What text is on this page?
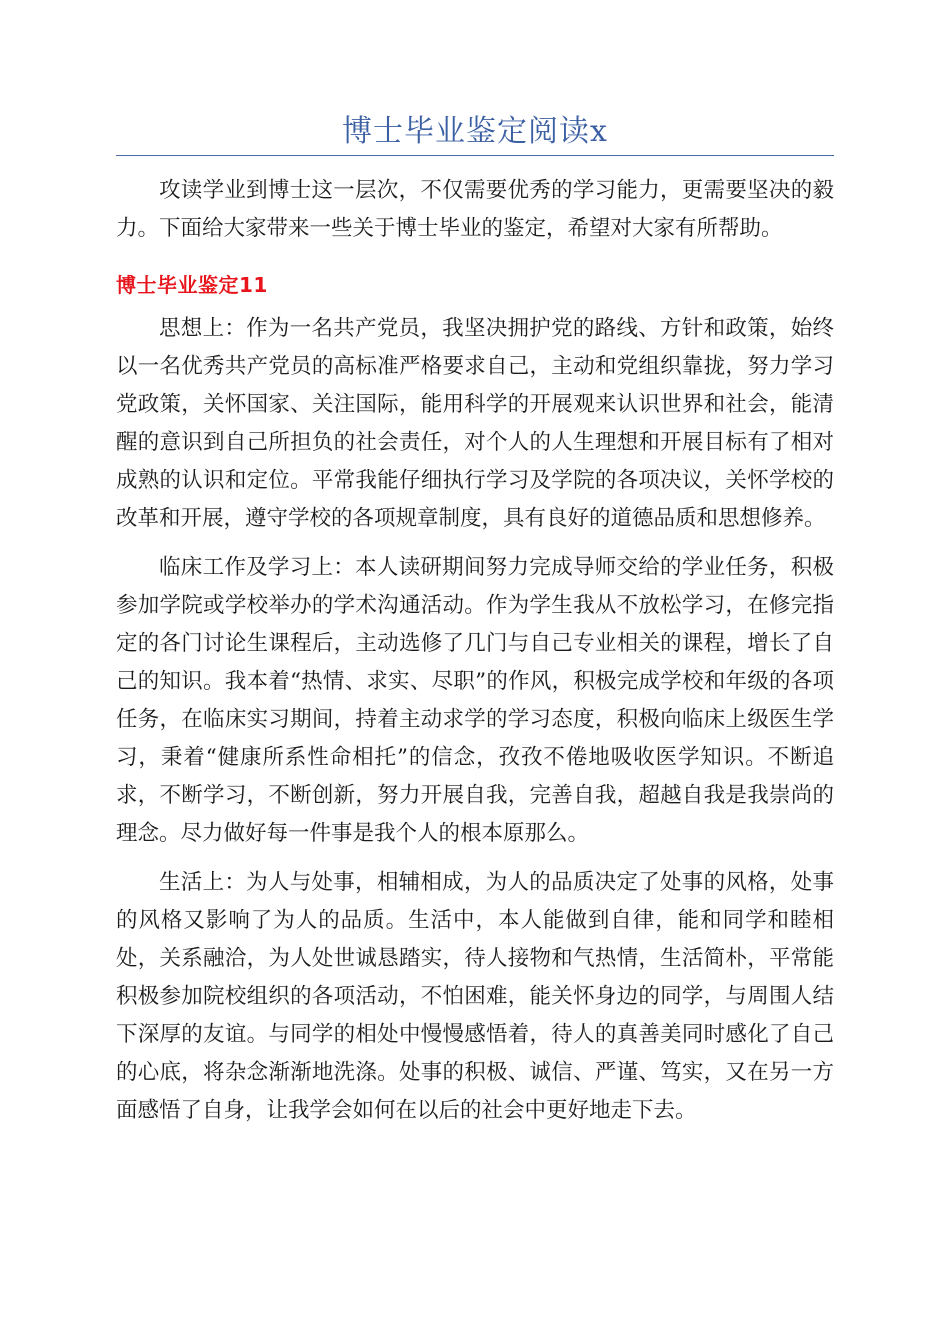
博士毕业鉴定阅读x

攻读学业到博士这一层次，不仅需要优秀的学习能力，更需要坚决的毅力。下面给大家带来一些关于博士毕业的鉴定，希望对大家有所帮助。

博士毕业鉴定11

思想上：作为一名共产党员，我坚决拥护党的路线、方针和政策，始终以一名优秀共产党员的高标准严格要求自己，主动和党组织靠拢，努力学习党政策，关怀国家、关注国际，能用科学的开展观来认识世界和社会，能清醒的意识到自己所担负的社会责任，对个人的人生理想和开展目标有了相对成熟的认识和定位。平常我能仔细执行学习及学院的各项决议，关怀学校的改革和开展，遵守学校的各项规章制度，具有良好的道德品质和思想修养。

临床工作及学习上：本人读研期间努力完成导师交给的学业任务，积极参加学院或学校举办的学术沟通活动。作为学生我从不放松学习，在修完指定的各门讨论生课程后，主动选修了几门与自己专业相关的课程，增长了自己的知识。我本着“热情、求实、尽职”的作风，积极完成学校和年级的各项任务，在临床实习期间，持着主动求学的学习态度，积极向临床上级医生学习，秉着“健康所系性命相托”的信念，孜孜不倦地吸收医学知识。不断追求，不断学习，不断创新，努力开展自我，完善自我，超越自我是我崇尚的理念。尽力做好每一件事是我个人的根本原那么。

生活上：为人与处事，相辅相成，为人的品质决定了处事的风格，处事的风格又影响了为人的品质。生活中，本人能做到自律，能和同学和睦相处，关系融洽，为人处世诚恳踏实，待人接物和气热情，生活简朴，平常能积极参加院校组织的各项活动，不怕困难，能关怀身边的同学，与周围人结下深厚的友谊。与同学的相处中慢慢感悟着，待人的真善美同时感化了自己的心底，将杂念渐渐地洗涤。处事的积极、诚信、严谨、笃实，又在另一方面感悟了自身，让我学会如何在以后的社会中更好地走下去。
